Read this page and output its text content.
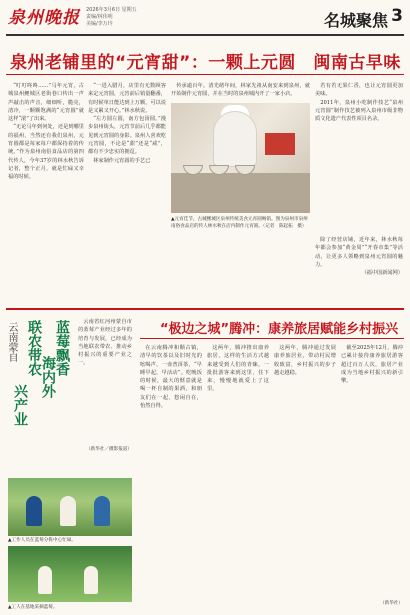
泉州晚报 2026年3月6日 星期五
责编/林伟明
美编/李万玲	名城聚焦 3
泉州老铺里的“元宵甜”：一颗上元圆　闽南古早味

“叮叮咚咚……”马年元宵，古城泉州鲤城区老街巷口传出一声声敲击的声音，细细听，脆亮，清冷，一颗颗饱满的“元宵圆”就这样“滚”了出来。

“无论马年到何处，还是到哪里的福州，当然还有我们泉州，元宵圆都是每家每户都保持着的传统。”作为泉州南俗食品店的第四代传人，今年37岁的林水秋告诉记者，整个正月，就是忙碌又幸福的时候。

“一进入腊月，店里有无数顾客来定元宵圆，元宵前后销量翻番，有时候单日能达到上万颗，可以说是又累又开心。”林水秋说。

“左方圆左圆，南方包汤圆。”漫步泉州街头，元宵节前后几乎都能见到元宵圆的身影。泉州人喜欢吃元宵圆，不论是“甜”还是“咸”，都有不少忠实的拥趸。

林家制作元宵圆的手艺已

传承逾百年。清光绪年间，林家先祖从南安来到泉州，就开始制作元宵圆，并在当时的泉州城内开了一家小店。

▲元宵佳节，古城鲤城区泉州传统美食元宵圆畅销。图为泉州市泉州南俗食品店的传人林水秋在店内制作元宵圆。（记者　陈起拓　摄）

若有若无果仁香，也让元宵圆更加美味。

2011年，泉州小吃制作技艺“泉州元宵圆”制作技艺被列入泉州市级非物质文化遗产代表性项目名录。

除了经营店铺，近年来，林水秋每年都会参加“黄金周”“开春市集”等活动，让更多人领略到泉州元宵圆的魅力。

（福中国新闻网）
蓝莓飘香
海内外
联农带农
兴产业
云南蒙自	云南省红河州蒙自市的蓝莓产业经过多年的培育与发展，已经成为当地联农带农、推动乡村振兴的重要产业之一。

（新华社／摄影报道）
▲工作人员在蓝莓分拣中心忙碌。
▲工人在基地采摘蓝莓。
“极边之城”腾冲：康养旅居赋能乡村振兴

在云南腾冲和顺古镇，清早的饮茶以及旧时光的吆喝声，一壶普洱茶，“早睡早起，早活动”。吃晚饭的时候，最大的惬意就是喝一杯自制的果酒，和朋友们在一起，悠闲自在，怡然自得。

这两年，腾冲推出康养旅居，这样的生活方式越来越受到人们的青睐，一批批游客来到这里，住下来，慢慢地就爱上了这里。

这两年，腾冲通过发展康养旅居业，带动村民增收致富，乡村振兴的步子越走越稳。

截至2025年12月，腾冲已累计接待康养旅居游客超过百万人次，旅居产业成为当地乡村振兴的新引擎。

（新华社）
